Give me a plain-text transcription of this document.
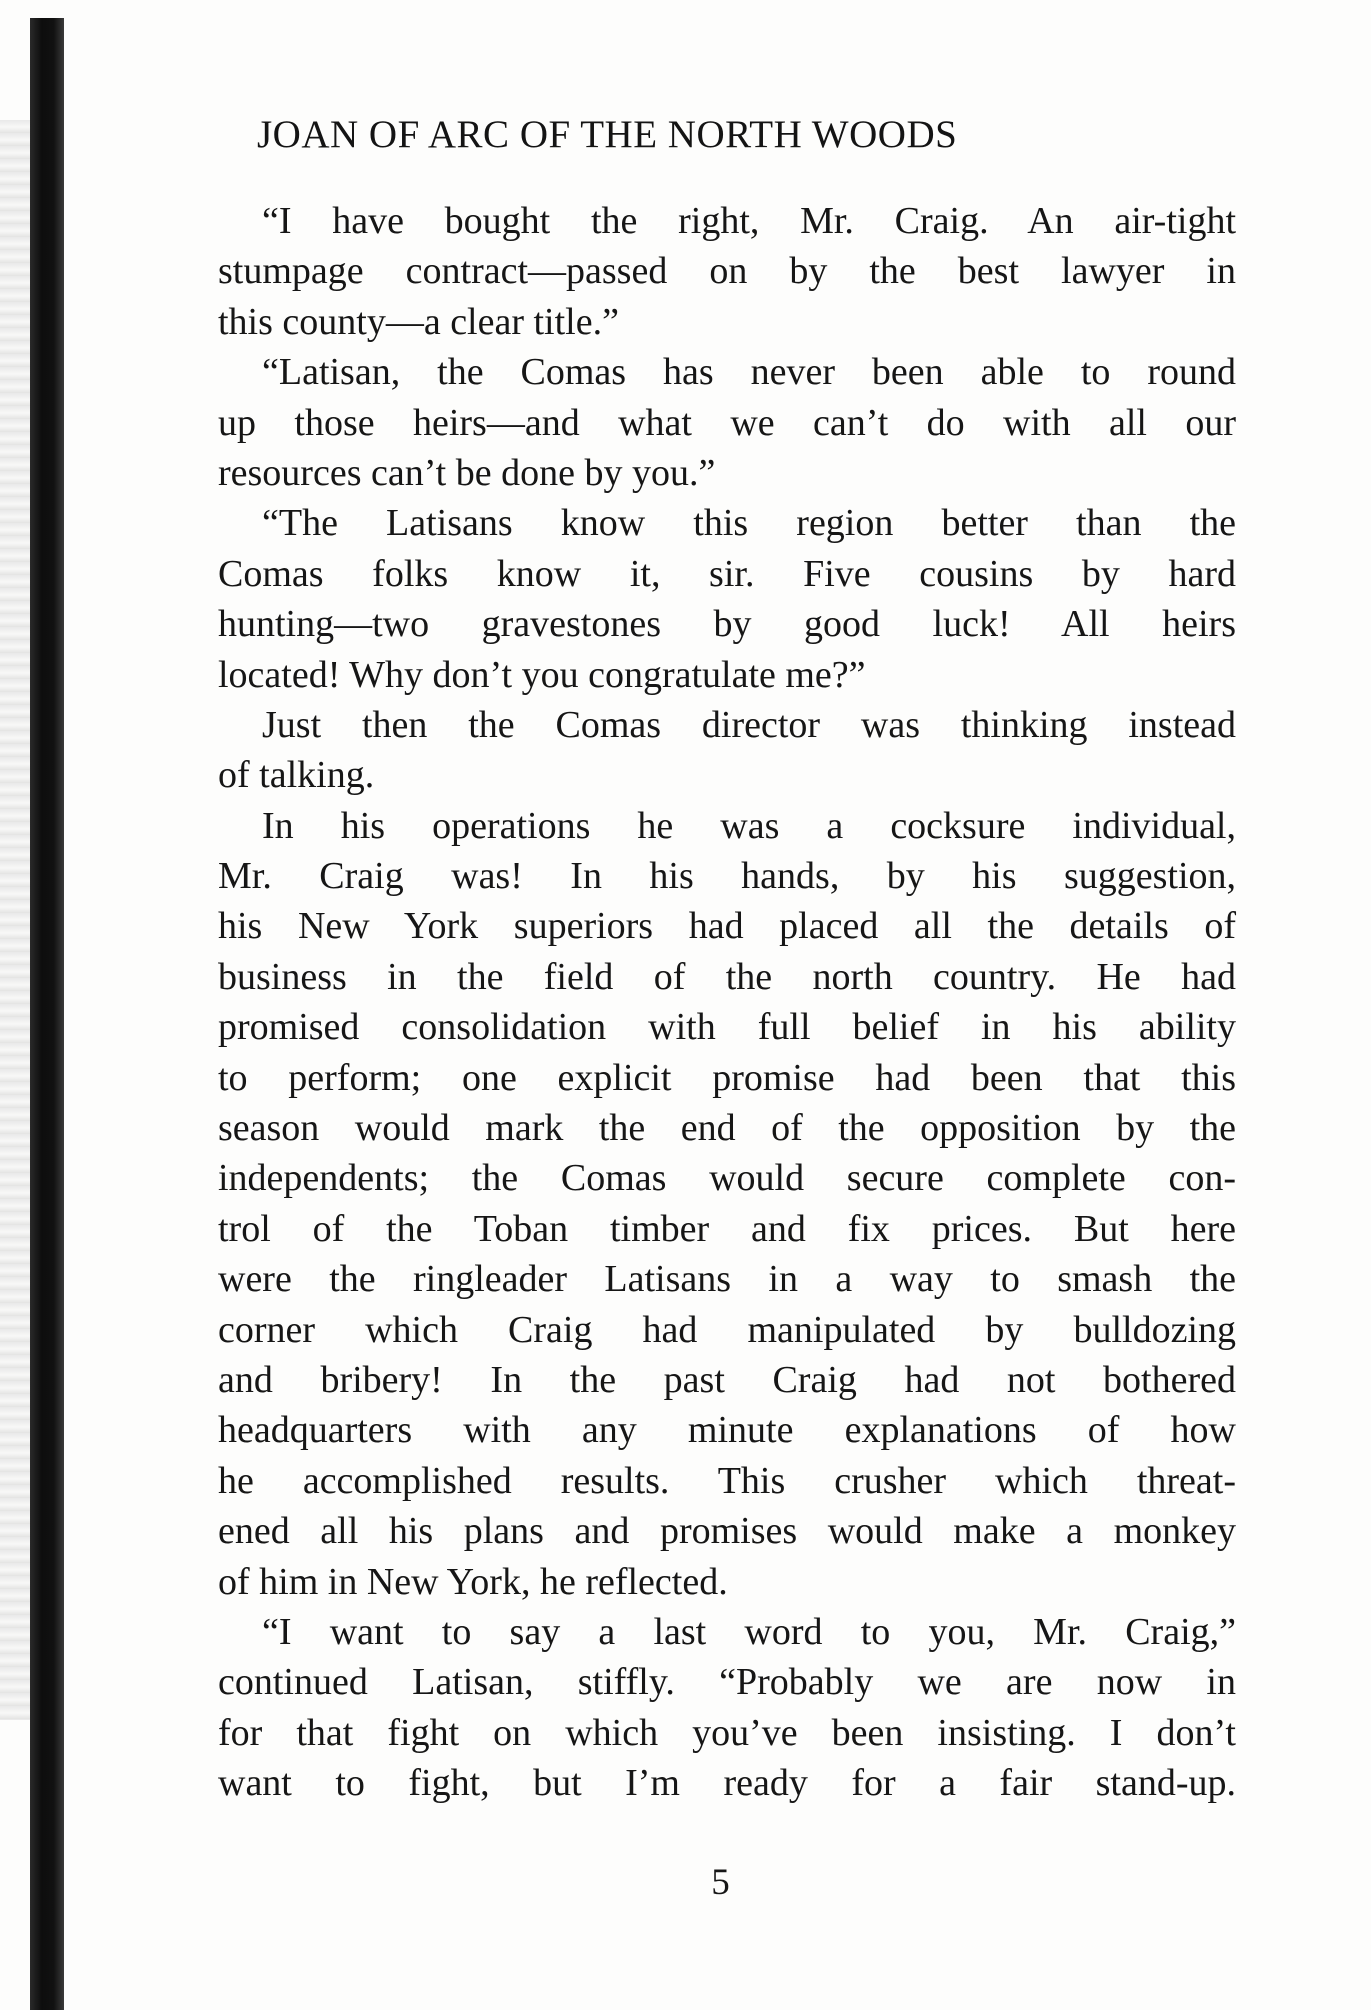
JOAN OF ARC OF THE NORTH WOODS
“I have bought the right, Mr. Craig. An air-tight
stumpage contract—passed on by the best lawyer in
this county—a clear title.”
“Latisan, the Comas has never been able to round
up those heirs—and what we can’t do with all our
resources can’t be done by you.”
“The Latisans know this region better than the
Comas folks know it, sir. Five cousins by hard
hunting—two gravestones by good luck! All heirs
located! Why don’t you congratulate me?”
Just then the Comas director was thinking instead
of talking.
In his operations he was a cocksure individual,
Mr. Craig was! In his hands, by his suggestion,
his New York superiors had placed all the details of
business in the field of the north country. He had
promised consolidation with full belief in his ability
to perform; one explicit promise had been that this
season would mark the end of the opposition by the
independents; the Comas would secure complete con-
trol of the Toban timber and fix prices. But here
were the ringleader Latisans in a way to smash the
corner which Craig had manipulated by bulldozing
and bribery! In the past Craig had not bothered
headquarters with any minute explanations of how
he accomplished results. This crusher which threat-
ened all his plans and promises would make a monkey
of him in New York, he reflected.
“I want to say a last word to you, Mr. Craig,”
continued Latisan, stiffly. “Probably we are now in
for that fight on which you’ve been insisting. I don’t
want to fight, but I’m ready for a fair stand-up.
5
